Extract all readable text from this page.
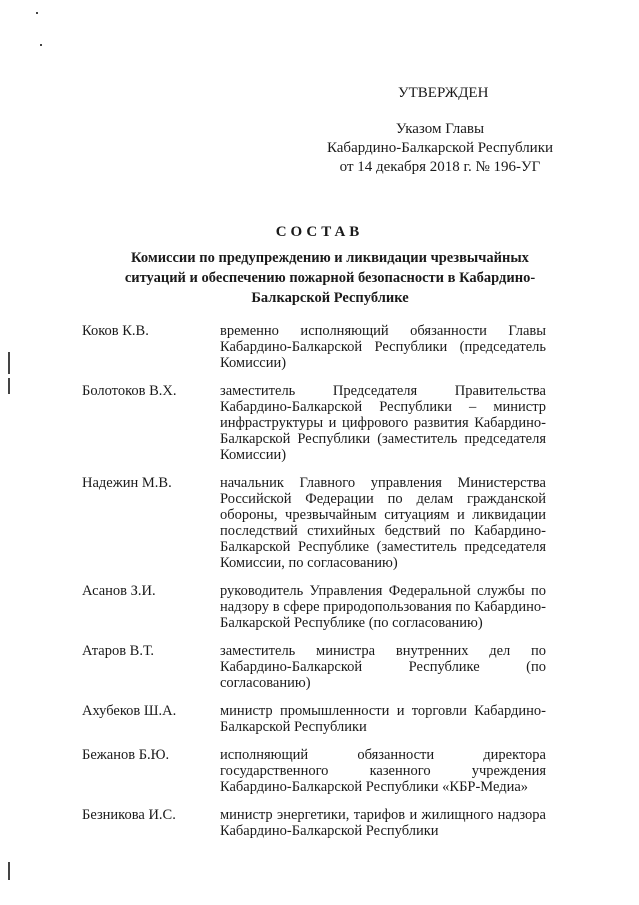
УТВЕРЖДЕН
Указом Главы
Кабардино-Балкарской Республики
от 14 декабря 2018 г. № 196-УГ
СОСТАВ
Комиссии по предупреждению и ликвидации чрезвычайных ситуаций и обеспечению пожарной безопасности в Кабардино-Балкарской Республике
Коков К.В.	временно исполняющий обязанности Главы Кабардино-Балкарской Республики (председатель Комиссии)
Болотоков В.Х.	заместитель Председателя Правительства Кабардино-Балкарской Республики – министр инфраструктуры и цифрового развития Кабардино-Балкарской Республики (заместитель председателя Комиссии)
Надежин М.В.	начальник Главного управления Министерства Российской Федерации по делам гражданской обороны, чрезвычайным ситуациям и ликвидации последствий стихийных бедствий по Кабардино-Балкарской Республике (заместитель председателя Комиссии, по согласованию)
Асанов З.И.	руководитель Управления Федеральной службы по надзору в сфере природопользования по Кабардино-Балкарской Республике (по согласованию)
Атаров В.Т.	заместитель министра внутренних дел по Кабардино-Балкарской Республике (по согласованию)
Ахубеков Ш.А.	министр промышленности и торговли Кабардино-Балкарской Республики
Бежанов Б.Ю.	исполняющий обязанности директора государственного казенного учреждения Кабардино-Балкарской Республики «КБР-Медиа»
Безникова И.С.	министр энергетики, тарифов и жилищного надзора Кабардино-Балкарской Республики
